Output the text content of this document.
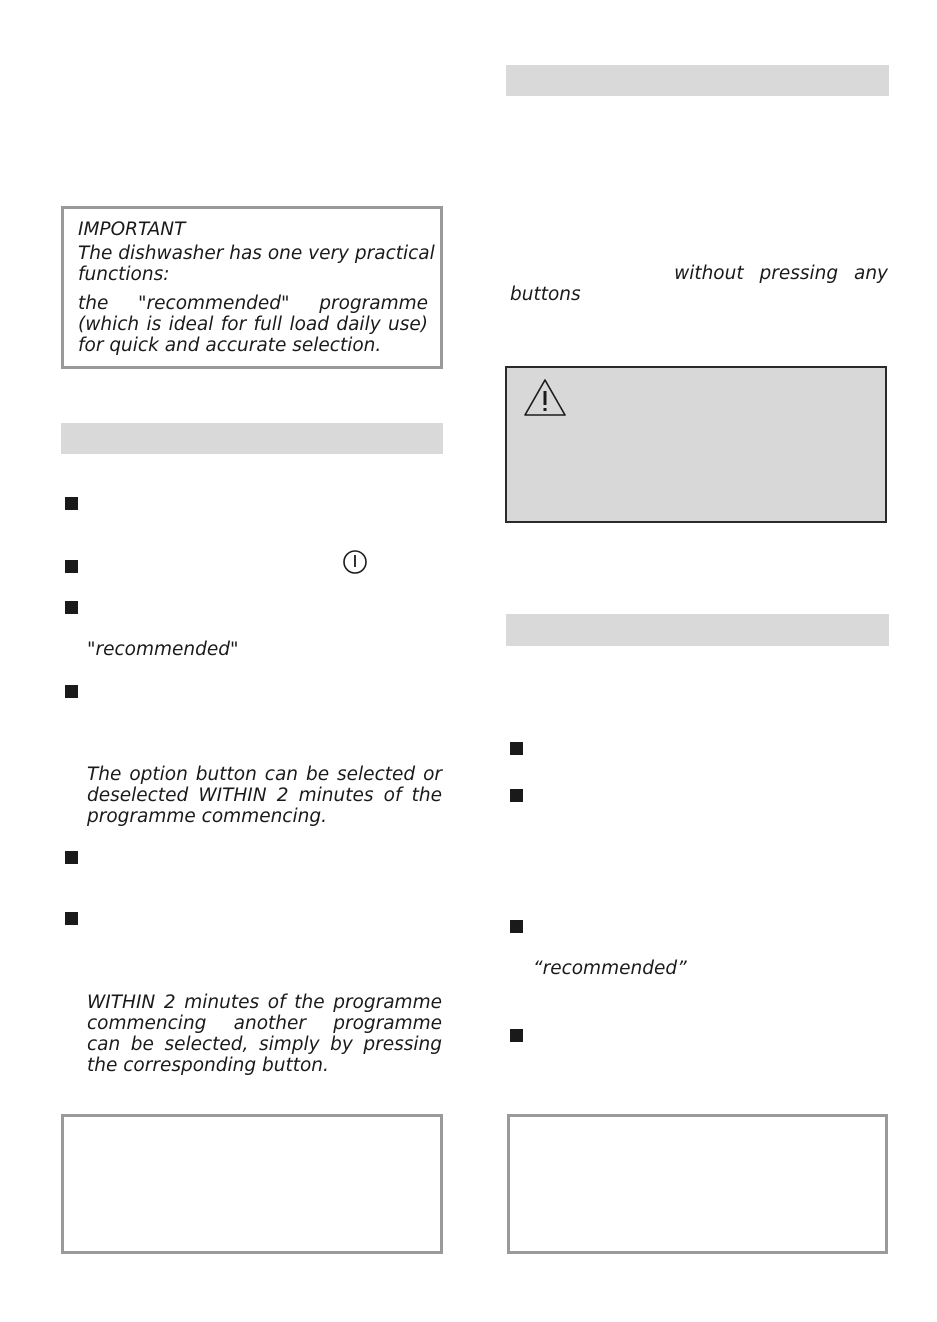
IMPORTANT
The dishwasher has one very practical
functions:
the "recommended" programme
(which is ideal for full load daily use)
for quick and accurate selection.
"recommended"
The option button can be selected or
deselected WITHIN 2 minutes of the
programme commencing.
WITHIN 2 minutes of the programme
commencing another programme
can be selected, simply by pressing
the corresponding button.
without pressing any
buttons
“recommended”
